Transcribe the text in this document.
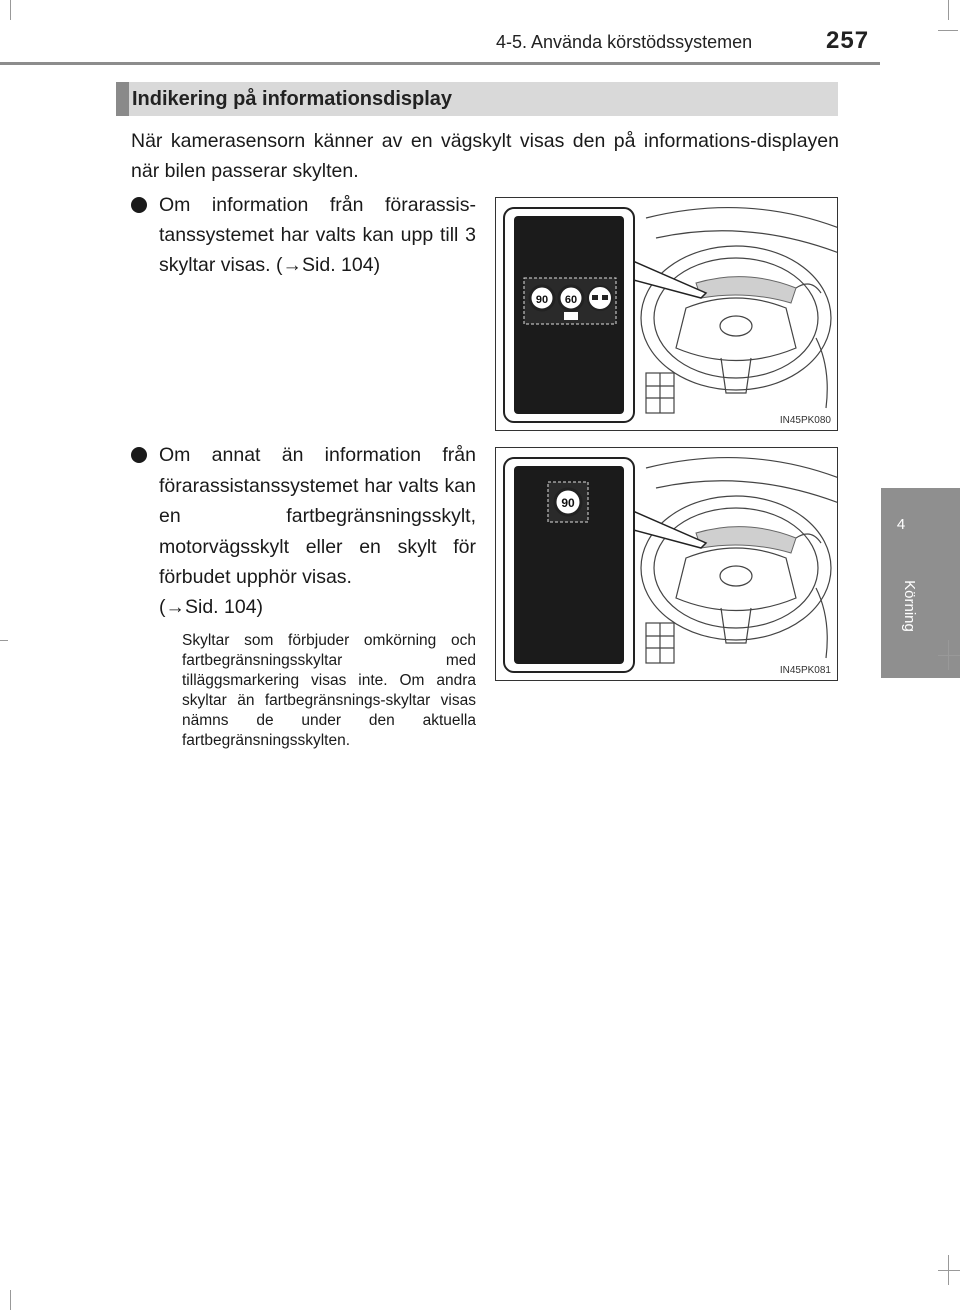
4-5. Använda körstödssystemen	257
4
Körning
Indikering på informationsdisplay
När kamerasensorn känner av en vägskylt visas den på informations-displayen när bilen passerar skylten.
Om information från förarassis-tanssystemet har valts kan upp till 3 skyltar visas. (→Sid. 104)
Om annat än information från förarassistanssystemet har valts kan en fartbegränsningsskylt, motorvägsskylt eller en skylt för förbudet upphör visas.
(→Sid. 104)
Skyltar som förbjuder omkörning och fartbegränsningsskyltar med tilläggsmarkering visas inte. Om andra skyltar än fartbegränsnings-skyltar visas nämns de under den aktuella fartbegränsningsskylten.
90 60
IN45PK080
90
IN45PK081
